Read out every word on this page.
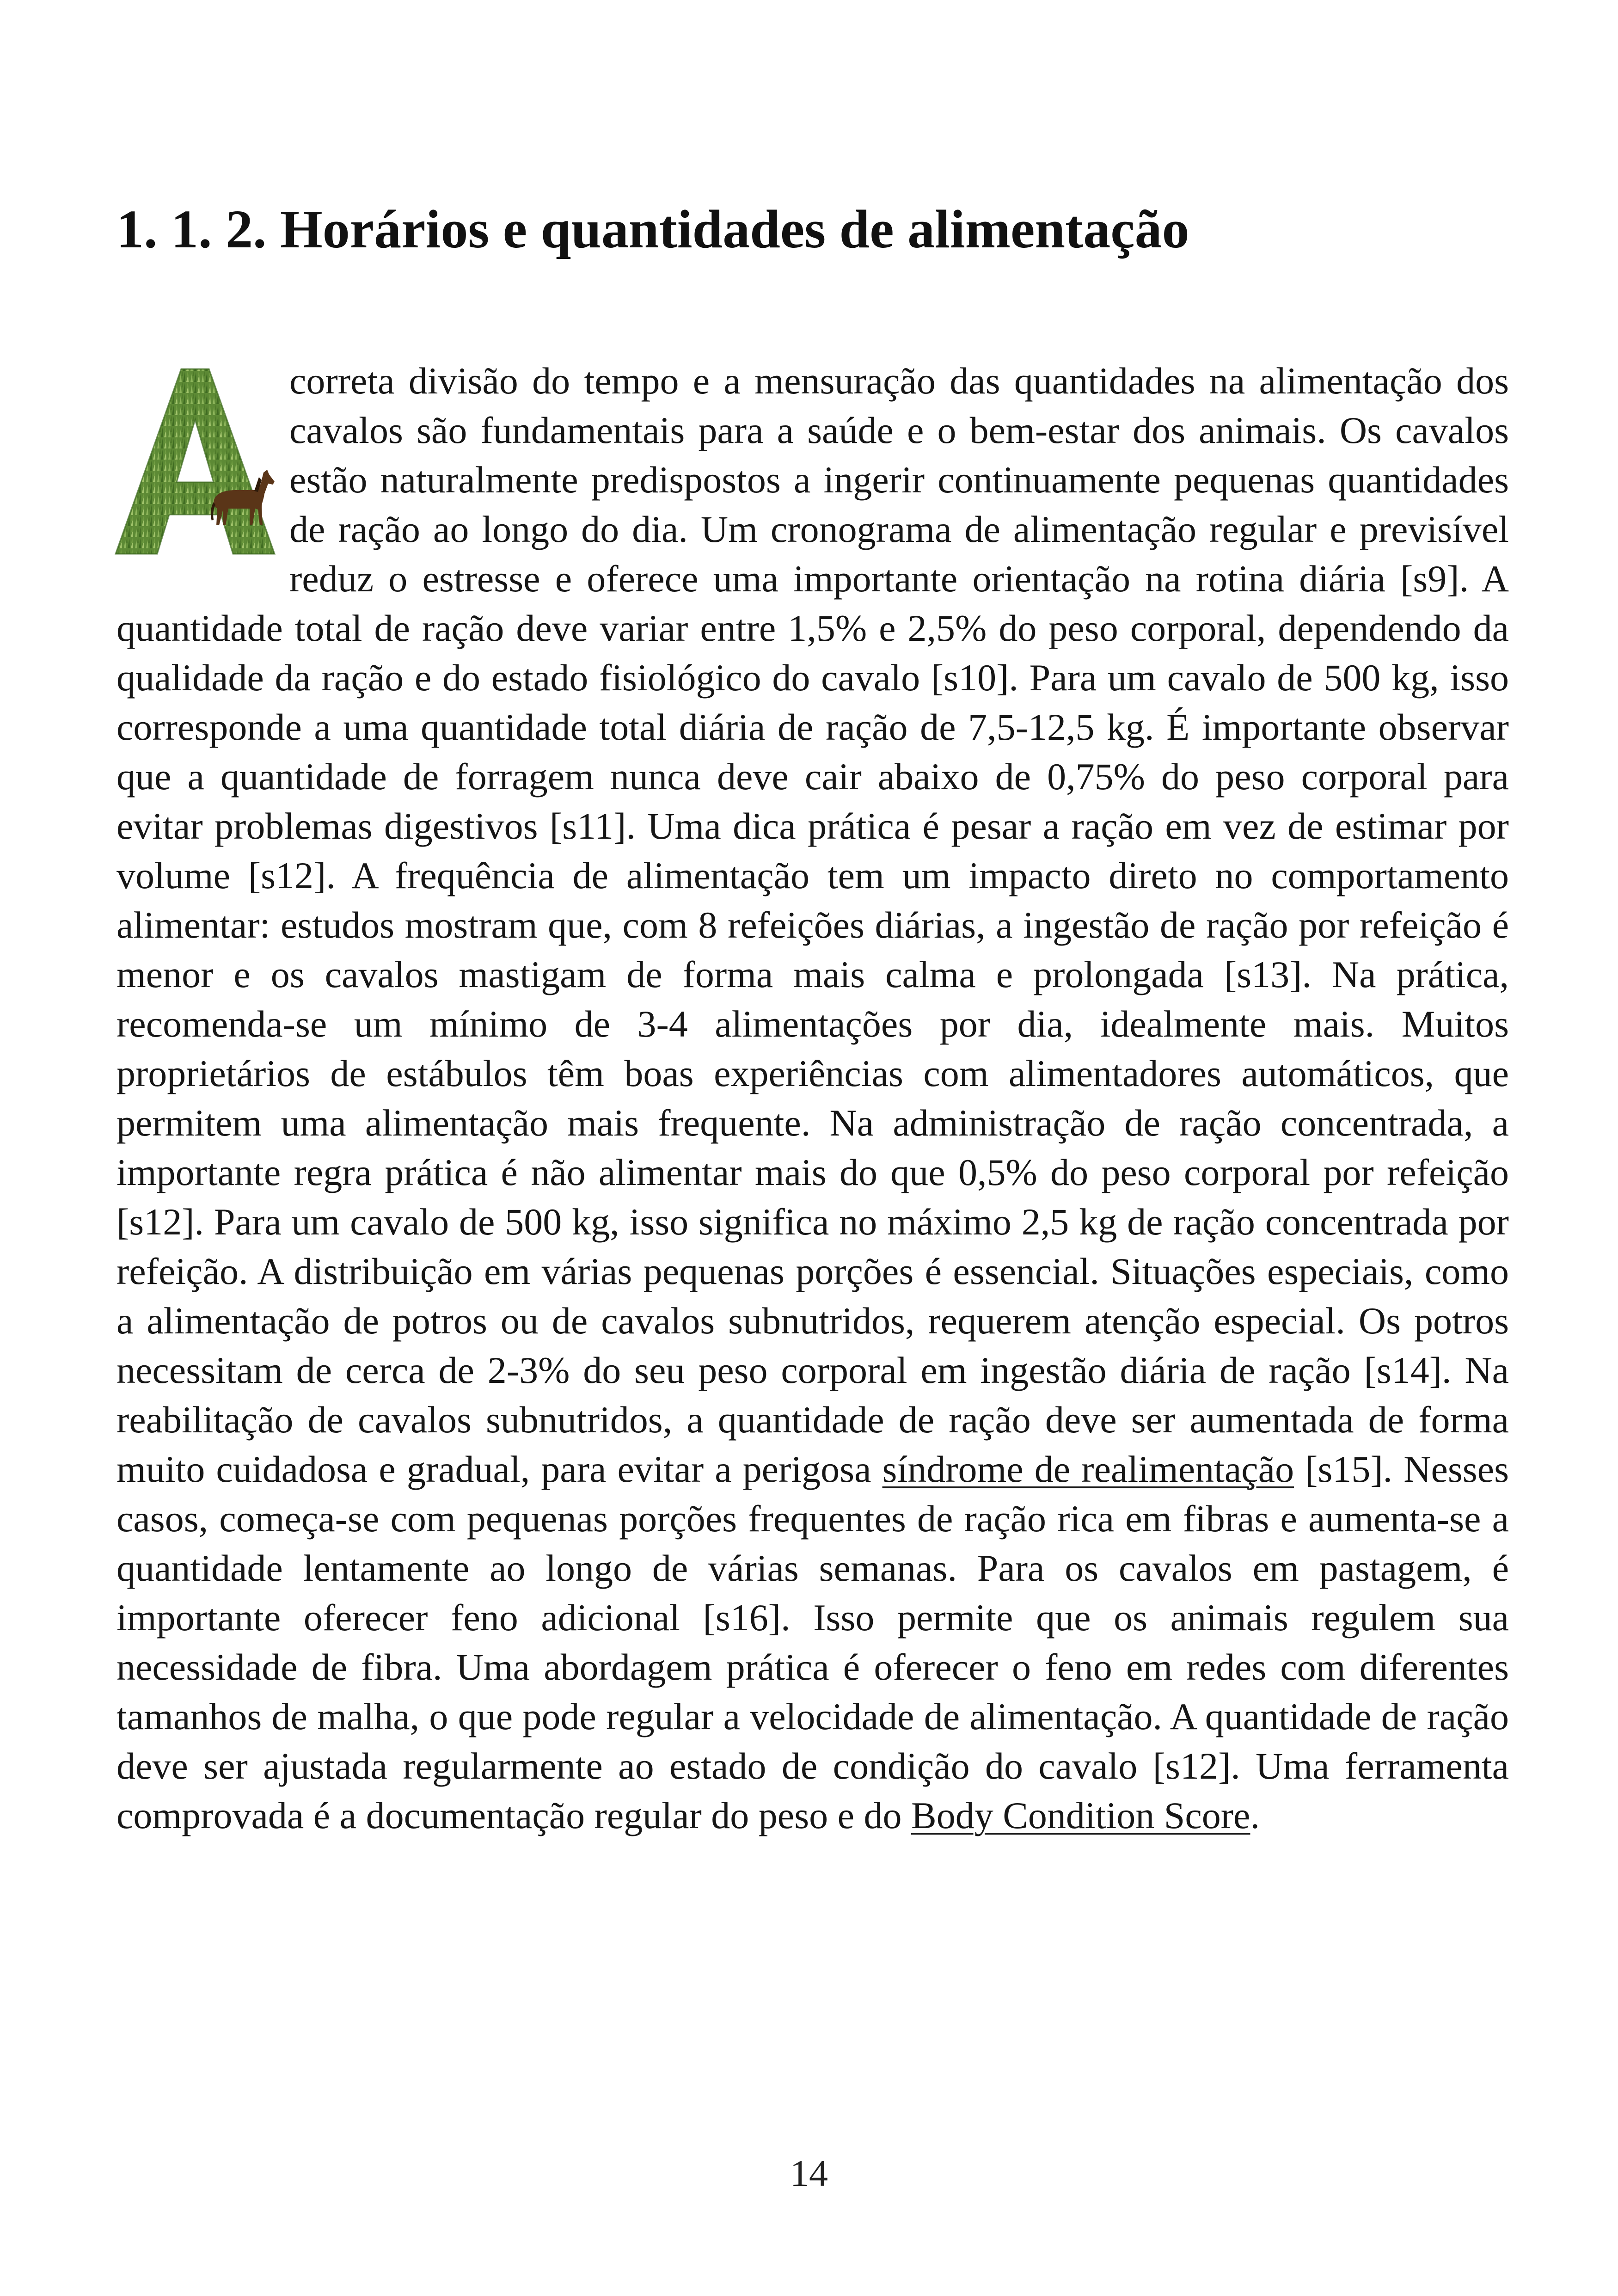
1. 1. 2. Horários e quantidades de alimentação

correta divisão do tempo e a mensuração das quantidades na alimentação dos cavalos são fundamentais para a saúde e o bem-estar dos animais. Os cavalos estão naturalmente predispostos a ingerir continuamente pequenas quantidades de ração ao longo do dia. Um cronograma de alimentação regular e previsível reduz o estresse e oferece uma importante orientação na rotina diária [s9]. A quantidade total de ração deve variar entre 1,5% e 2,5% do peso corporal, dependendo da qualidade da ração e do estado fisiológico do cavalo [s10]. Para um cavalo de 500 kg, isso corresponde a uma quantidade total diária de ração de 7,5-12,5 kg. É importante observar que a quantidade de forragem nunca deve cair abaixo de 0,75% do peso corporal para evitar problemas digestivos [s11]. Uma dica prática é pesar a ração em vez de estimar por volume [s12]. A frequência de alimentação tem um impacto direto no comportamento alimentar: estudos mostram que, com 8 refeições diárias, a ingestão de ração por refeição é menor e os cavalos mastigam de forma mais calma e prolongada [s13]. Na prática, recomenda-se um mínimo de 3-4 alimentações por dia, idealmente mais. Muitos proprietários de estábulos têm boas experiências com alimentadores automáticos, que permitem uma alimentação mais frequente. Na administração de ração concentrada, a importante regra prática é não alimentar mais do que 0,5% do peso corporal por refeição [s12]. Para um cavalo de 500 kg, isso significa no máximo 2,5 kg de ração concentrada por refeição. A distribuição em várias pequenas porções é essencial. Situações especiais, como a alimentação de potros ou de cavalos subnutridos, requerem atenção especial. Os potros necessitam de cerca de 2-3% do seu peso corporal em ingestão diária de ração [s14]. Na reabilitação de cavalos subnutridos, a quantidade de ração deve ser aumentada de forma muito cuidadosa e gradual, para evitar a perigosa síndrome de realimentação [s15]. Nesses casos, começa-se com pequenas porções frequentes de ração rica em fibras e aumenta-se a quantidade lentamente ao longo de várias semanas. Para os cavalos em pastagem, é importante oferecer feno adicional [s16]. Isso permite que os animais regulem sua necessidade de fibra. Uma abordagem prática é oferecer o feno em redes com diferentes tamanhos de malha, o que pode regular a velocidade de alimentação. A quantidade de ração deve ser ajustada regularmente ao estado de condição do cavalo [s12]. Uma ferramenta comprovada é a documentação regular do peso e do Body Condition Score.

14
